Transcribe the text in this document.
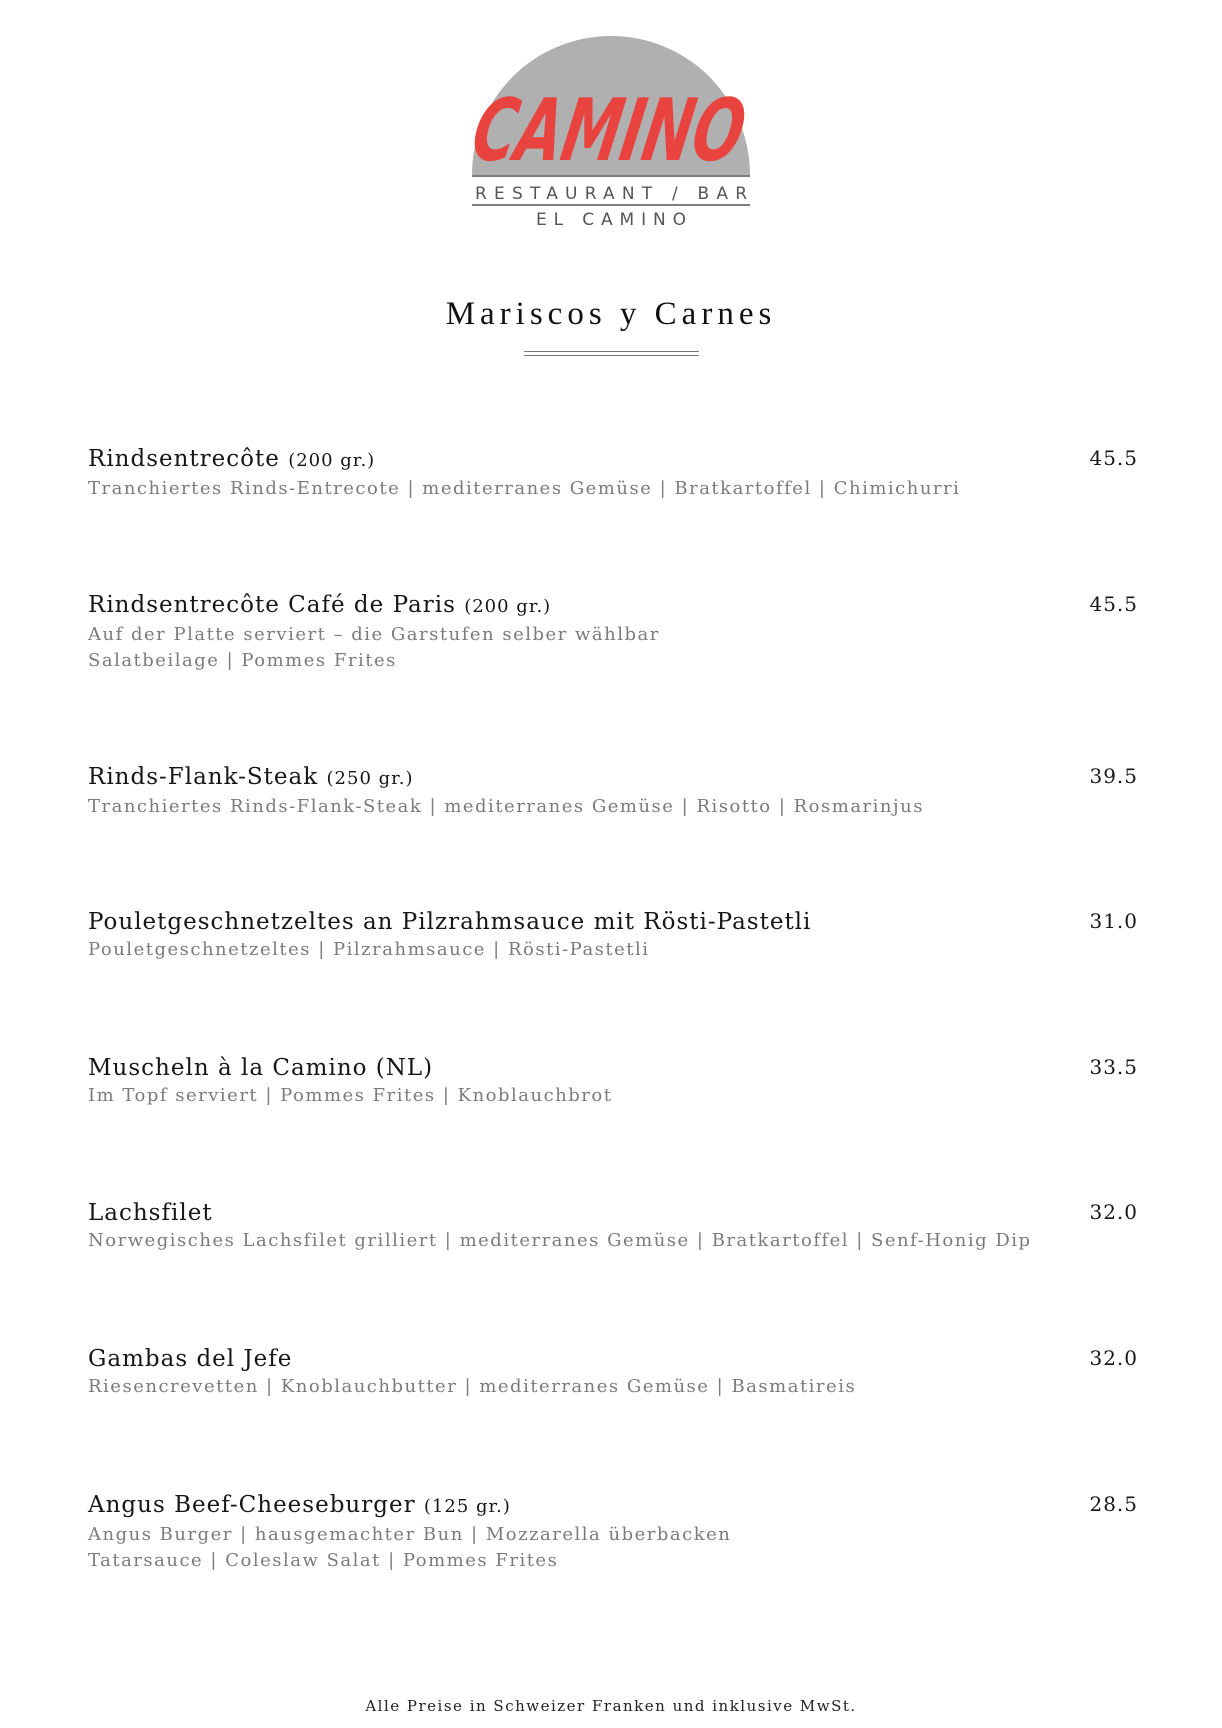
CAMINO
RESTAURANT / BAR
EL CAMINO
Mariscos y Carnes
Rindsentrecôte (200 gr.)
Tranchiertes Rinds-Entrecote | mediterranes Gemüse | Bratkartoffel | Chimichurri
45.5
Rindsentrecôte Café de Paris (200 gr.)
Auf der Platte serviert – die Garstufen selber wählbar
Salatbeilage | Pommes Frites
45.5
Rinds-Flank-Steak (250 gr.)
Tranchiertes Rinds-Flank-Steak | mediterranes Gemüse | Risotto | Rosmarinjus
39.5
Pouletgeschnetzeltes an Pilzrahmsauce mit Rösti-Pastetli
Pouletgeschnetzeltes | Pilzrahmsauce | Rösti-Pastetli
31.0
Muscheln à la Camino (NL)
Im Topf serviert | Pommes Frites | Knoblauchbrot
33.5
Lachsfilet
Norwegisches Lachsfilet grilliert | mediterranes Gemüse | Bratkartoffel | Senf-Honig Dip
32.0
Gambas del Jefe
Riesencrevetten | Knoblauchbutter | mediterranes Gemüse | Basmatireis
32.0
Angus Beef-Cheeseburger (125 gr.)
Angus Burger | hausgemachter Bun | Mozzarella überbacken
Tatarsauce | Coleslaw Salat | Pommes Frites
28.5
Alle Preise in Schweizer Franken und inklusive MwSt.
